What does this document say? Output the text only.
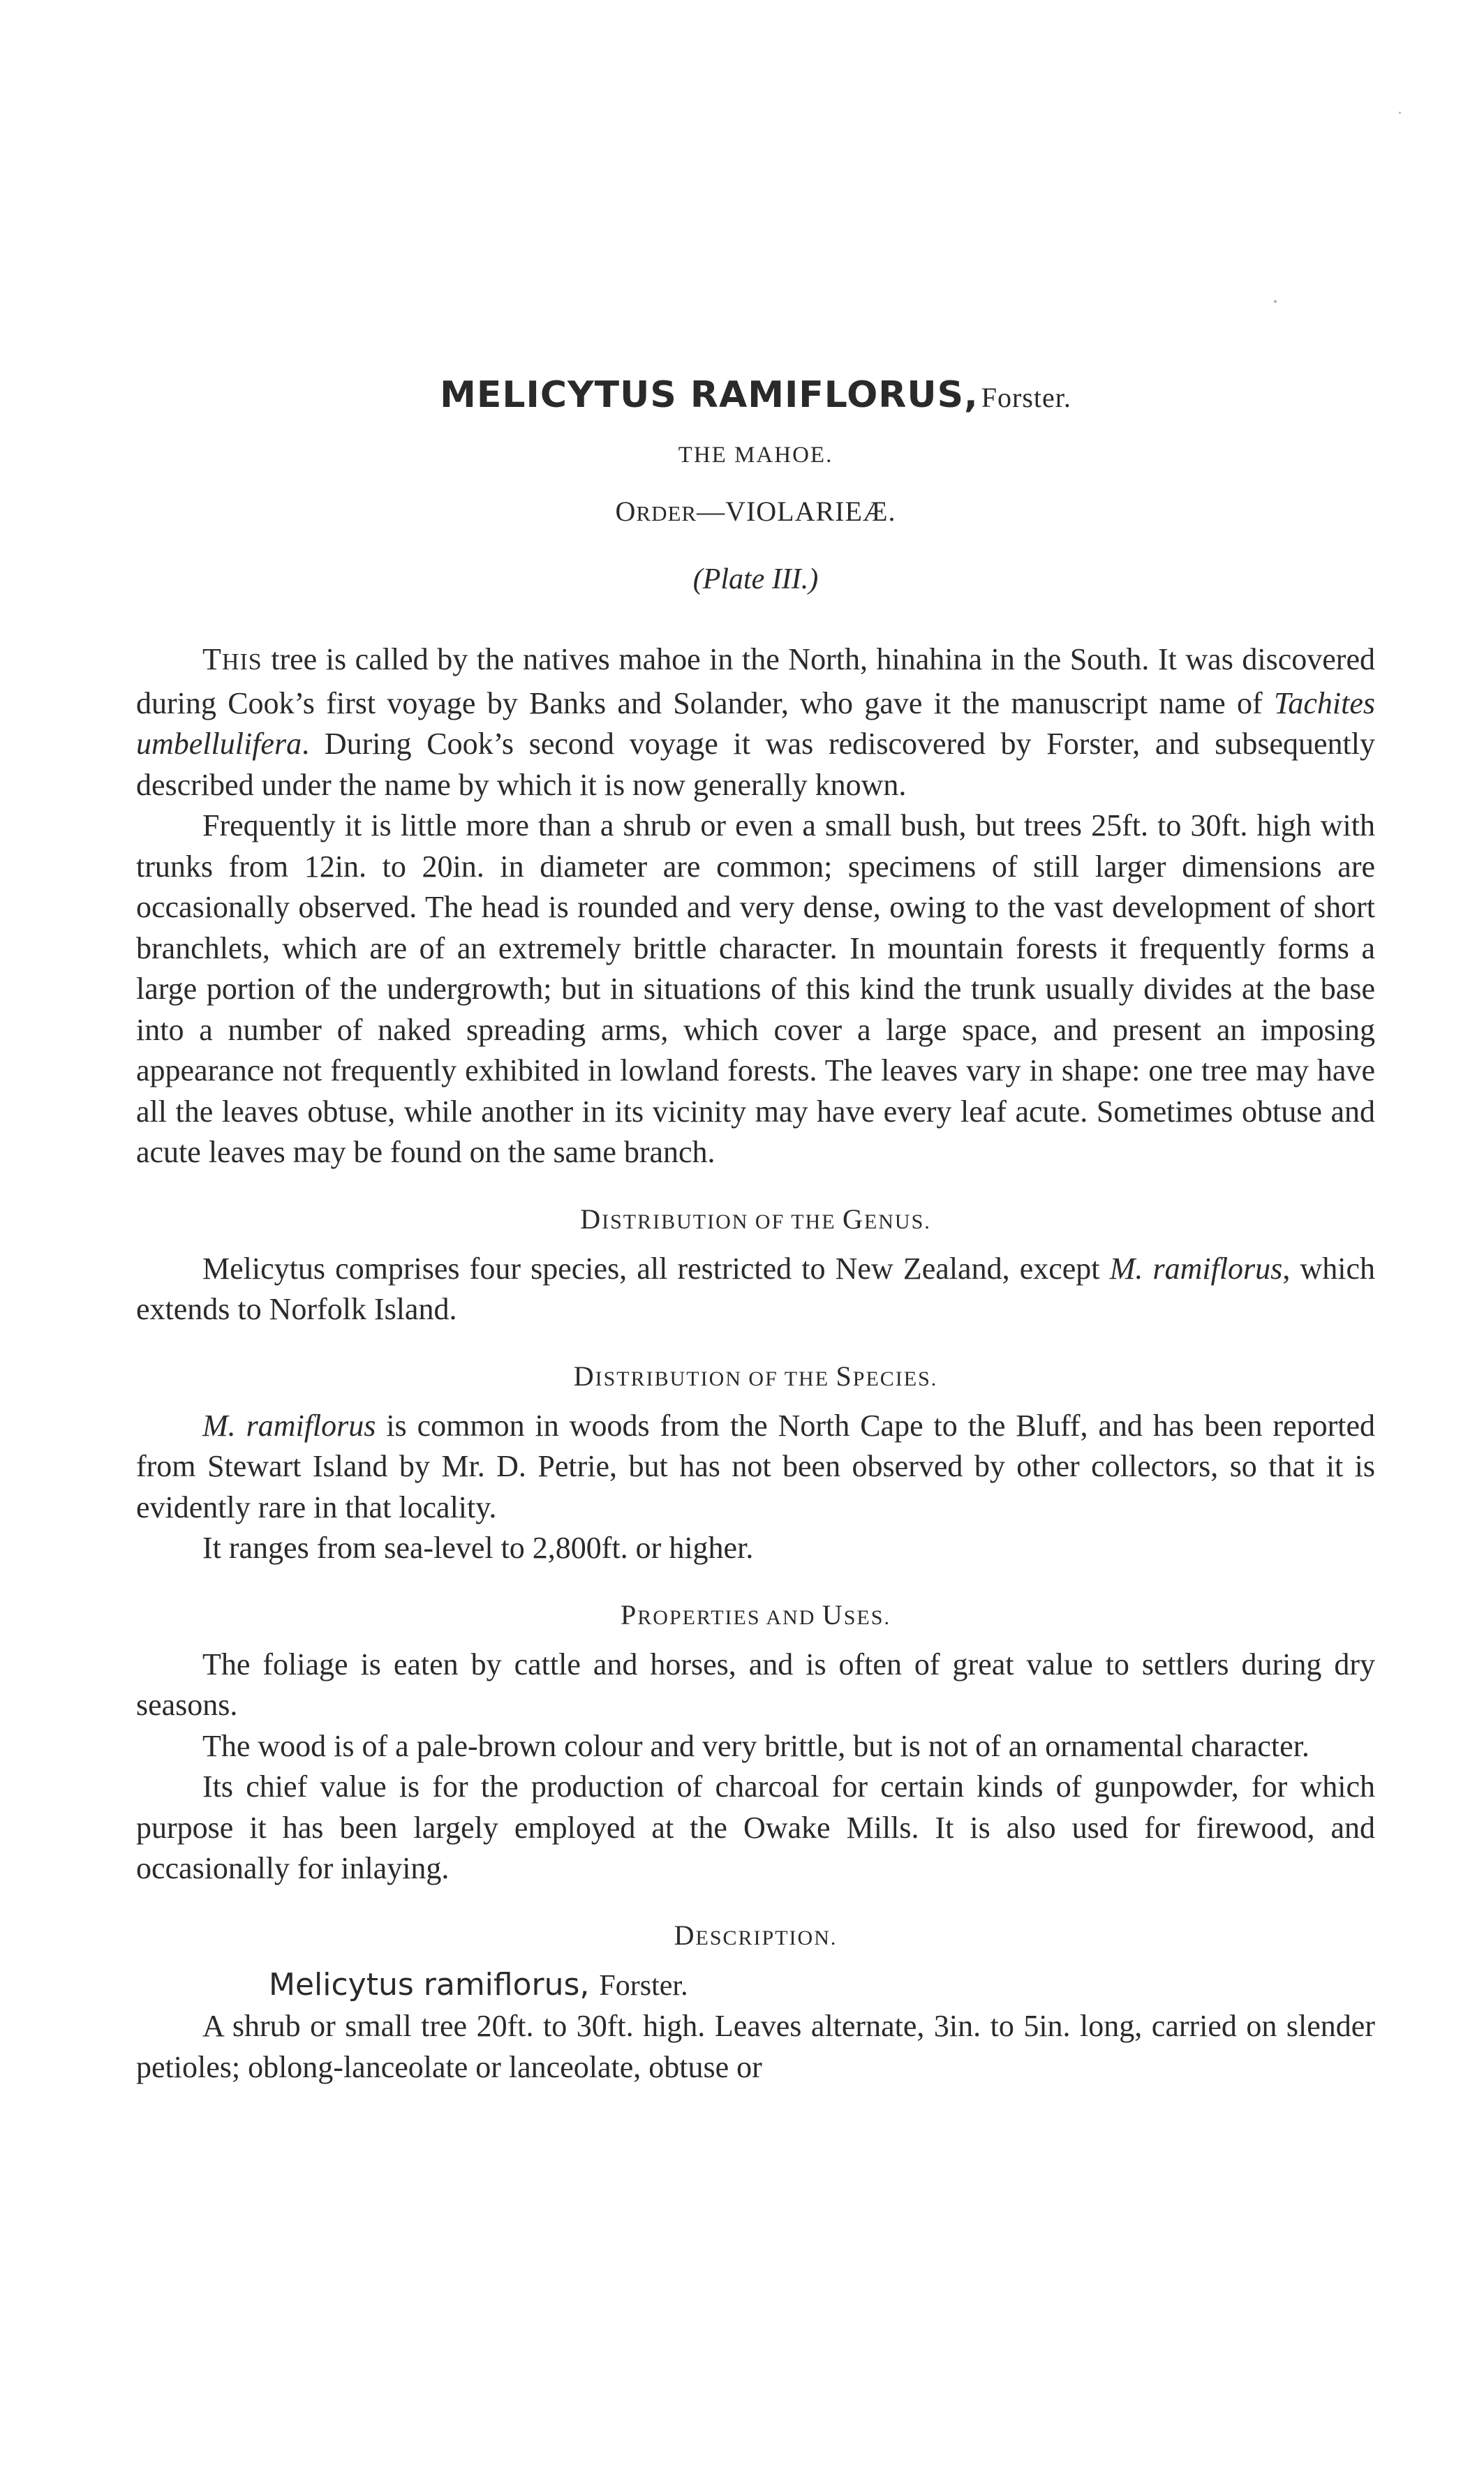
MELICYTUS RAMIFLORUS, Forster.
THE MAHOE.
ORDER—VIOLARIEÆ.
(Plate III.)

THIS tree is called by the natives mahoe in the North, hinahina in the South. It was discovered during Cook’s first voyage by Banks and Solander, who gave it the manuscript name of Tachites umbellulifera. During Cook’s second voyage it was rediscovered by Forster, and subsequently described under the name by which it is now generally known.

Frequently it is little more than a shrub or even a small bush, but trees 25ft. to 30ft. high with trunks from 12in. to 20in. in diameter are common; specimens of still larger dimensions are occasionally observed. The head is rounded and very dense, owing to the vast development of short branchlets, which are of an extremely brittle character. In mountain forests it frequently forms a large portion of the undergrowth; but in situations of this kind the trunk usually divides at the base into a number of naked spreading arms, which cover a large space, and present an imposing appearance not frequently exhibited in lowland forests. The leaves vary in shape: one tree may have all the leaves obtuse, while another in its vicinity may have every leaf acute. Sometimes obtuse and acute leaves may be found on the same branch.

DISTRIBUTION OF THE GENUS.

Melicytus comprises four species, all restricted to New Zealand, except M. ramiflorus, which extends to Norfolk Island.

DISTRIBUTION OF THE SPECIES.

M. ramiflorus is common in woods from the North Cape to the Bluff, and has been reported from Stewart Island by Mr. D. Petrie, but has not been observed by other collectors, so that it is evidently rare in that locality.

It ranges from sea-level to 2,800ft. or higher.

PROPERTIES AND USES.

The foliage is eaten by cattle and horses, and is often of great value to settlers during dry seasons.

The wood is of a pale-brown colour and very brittle, but is not of an ornamental character.

Its chief value is for the production of charcoal for certain kinds of gunpowder, for which purpose it has been largely employed at the Owake Mills. It is also used for firewood, and occasionally for inlaying.

DESCRIPTION.
Melicytus ramiflorus, Forster.

A shrub or small tree 20ft. to 30ft. high. Leaves alternate, 3in. to 5in. long, carried on slender petioles; oblong-lanceolate or lanceolate, obtuse or
